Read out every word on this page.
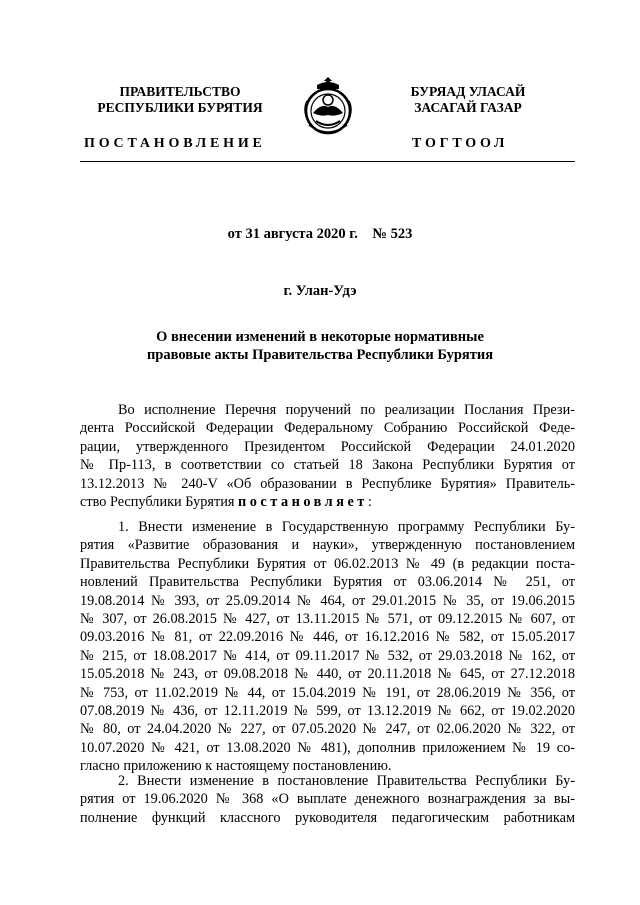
ПРАВИТЕЛЬСТВО
РЕСПУБЛИКИ БУРЯТИЯ
БУРЯАД УЛАСАЙ
ЗАСАГАЙ ГАЗАР
ПОСТАНОВЛЕНИЕ	ТОГТООЛ
от 31 августа 2020 г.    № 523
г. Улан-Удэ
О внесении изменений в некоторые нормативные
правовые акты Правительства Республики Бурятия
Во исполнение Перечня поручений по реализации Послания Прези-
дента Российской Федерации Федеральному Собранию Российской Феде-
рации, утвержденного Президентом Российской Федерации 24.01.2020
№ Пр-113, в соответствии со статьей 18 Закона Республики Бурятия от
13.12.2013 № 240-V «Об образовании в Республике Бурятия» Правитель-
ство Республики Бурятия постановляет:
1. Внести изменение в Государственную программу Республики Бу-
рятия «Развитие образования и науки», утвержденную постановлением
Правительства Республики Бурятия от 06.02.2013 № 49 (в редакции поста-
новлений Правительства Республики Бурятия от 03.06.2014 № 251, от
19.08.2014 № 393, от 25.09.2014 № 464, от 29.01.2015 № 35, от 19.06.2015
№ 307, от 26.08.2015 № 427, от 13.11.2015 № 571, от 09.12.2015 № 607, от
09.03.2016 № 81, от 22.09.2016 № 446, от 16.12.2016 № 582, от 15.05.2017
№ 215, от 18.08.2017 № 414, от 09.11.2017 № 532, от 29.03.2018 № 162, от
15.05.2018 № 243, от 09.08.2018 № 440, от 20.11.2018 № 645, от 27.12.2018
№ 753, от 11.02.2019 № 44, от 15.04.2019 № 191, от 28.06.2019 № 356, от
07.08.2019 № 436, от 12.11.2019 № 599, от 13.12.2019 № 662, от 19.02.2020
№ 80, от 24.04.2020 № 227, от 07.05.2020 № 247, от 02.06.2020 № 322, от
10.07.2020 № 421, от 13.08.2020 № 481), дополнив приложением № 19 со-
гласно приложению к настоящему постановлению.
2. Внести изменение в постановление Правительства Республики Бу-
рятия от 19.06.2020 № 368 «О выплате денежного вознаграждения за вы-
полнение функций классного руководителя педагогическим работникам
